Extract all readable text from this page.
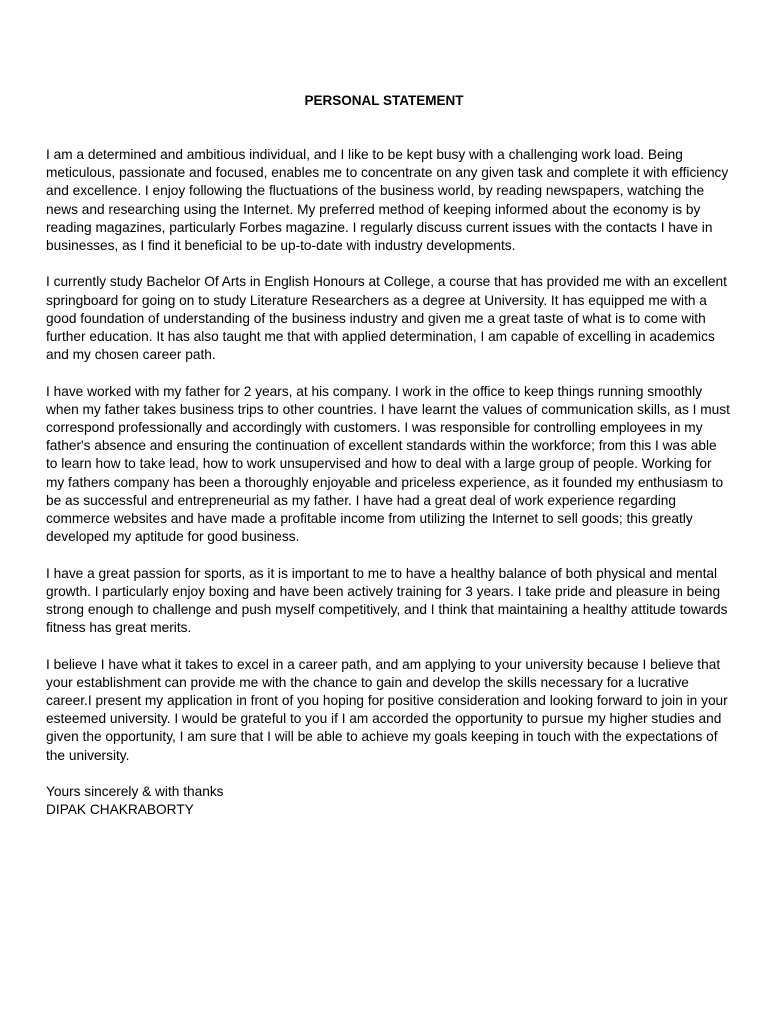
PERSONAL STATEMENT

I am a determined and ambitious individual, and I like to be kept busy with a challenging work load. Being meticulous, passionate and focused, enables me to concentrate on any given task and complete it with efficiency and excellence. I enjoy following the fluctuations of the business world, by reading newspapers, watching the news and researching using the Internet. My preferred method of keeping informed about the economy is by reading magazines, particularly Forbes magazine. I regularly discuss current issues with the contacts I have in businesses, as I find it beneficial to be up-to-date with industry developments.

I currently study Bachelor Of Arts in English Honours at College, a course that has provided me with an excellent springboard for going on to study Literature Researchers as a degree at University. It has equipped me with a good foundation of understanding of the business industry and given me a great taste of what is to come with further education. It has also taught me that with applied determination, I am capable of excelling in academics and my chosen career path.

I have worked with my father for 2 years, at his company. I work in the office to keep things running smoothly when my father takes business trips to other countries. I have learnt the values of communication skills, as I must correspond professionally and accordingly with customers. I was responsible for controlling employees in my father's absence and ensuring the continuation of excellent standards within the workforce; from this I was able to learn how to take lead, how to work unsupervised and how to deal with a large group of people. Working for my fathers company has been a thoroughly enjoyable and priceless experience, as it founded my enthusiasm to be as successful and entrepreneurial as my father. I have had a great deal of work experience regarding commerce websites and have made a profitable income from utilizing the Internet to sell goods; this greatly developed my aptitude for good business.

I have a great passion for sports, as it is important to me to have a healthy balance of both physical and mental growth. I particularly enjoy boxing and have been actively training for 3 years. I take pride and pleasure in being strong enough to challenge and push myself competitively, and I think that maintaining a healthy attitude towards fitness has great merits.

I believe I have what it takes to excel in a career path, and am applying to your university because I believe that your establishment can provide me with the chance to gain and develop the skills necessary for a lucrative career.I present my application in front of you hoping for positive consideration and looking forward to join in your esteemed university. I would be grateful to you if I am accorded the opportunity to pursue my higher studies and given the opportunity, I am sure that I will be able to achieve my goals keeping in touch with the expectations of the university.

Yours sincerely & with thanks
DIPAK CHAKRABORTY
